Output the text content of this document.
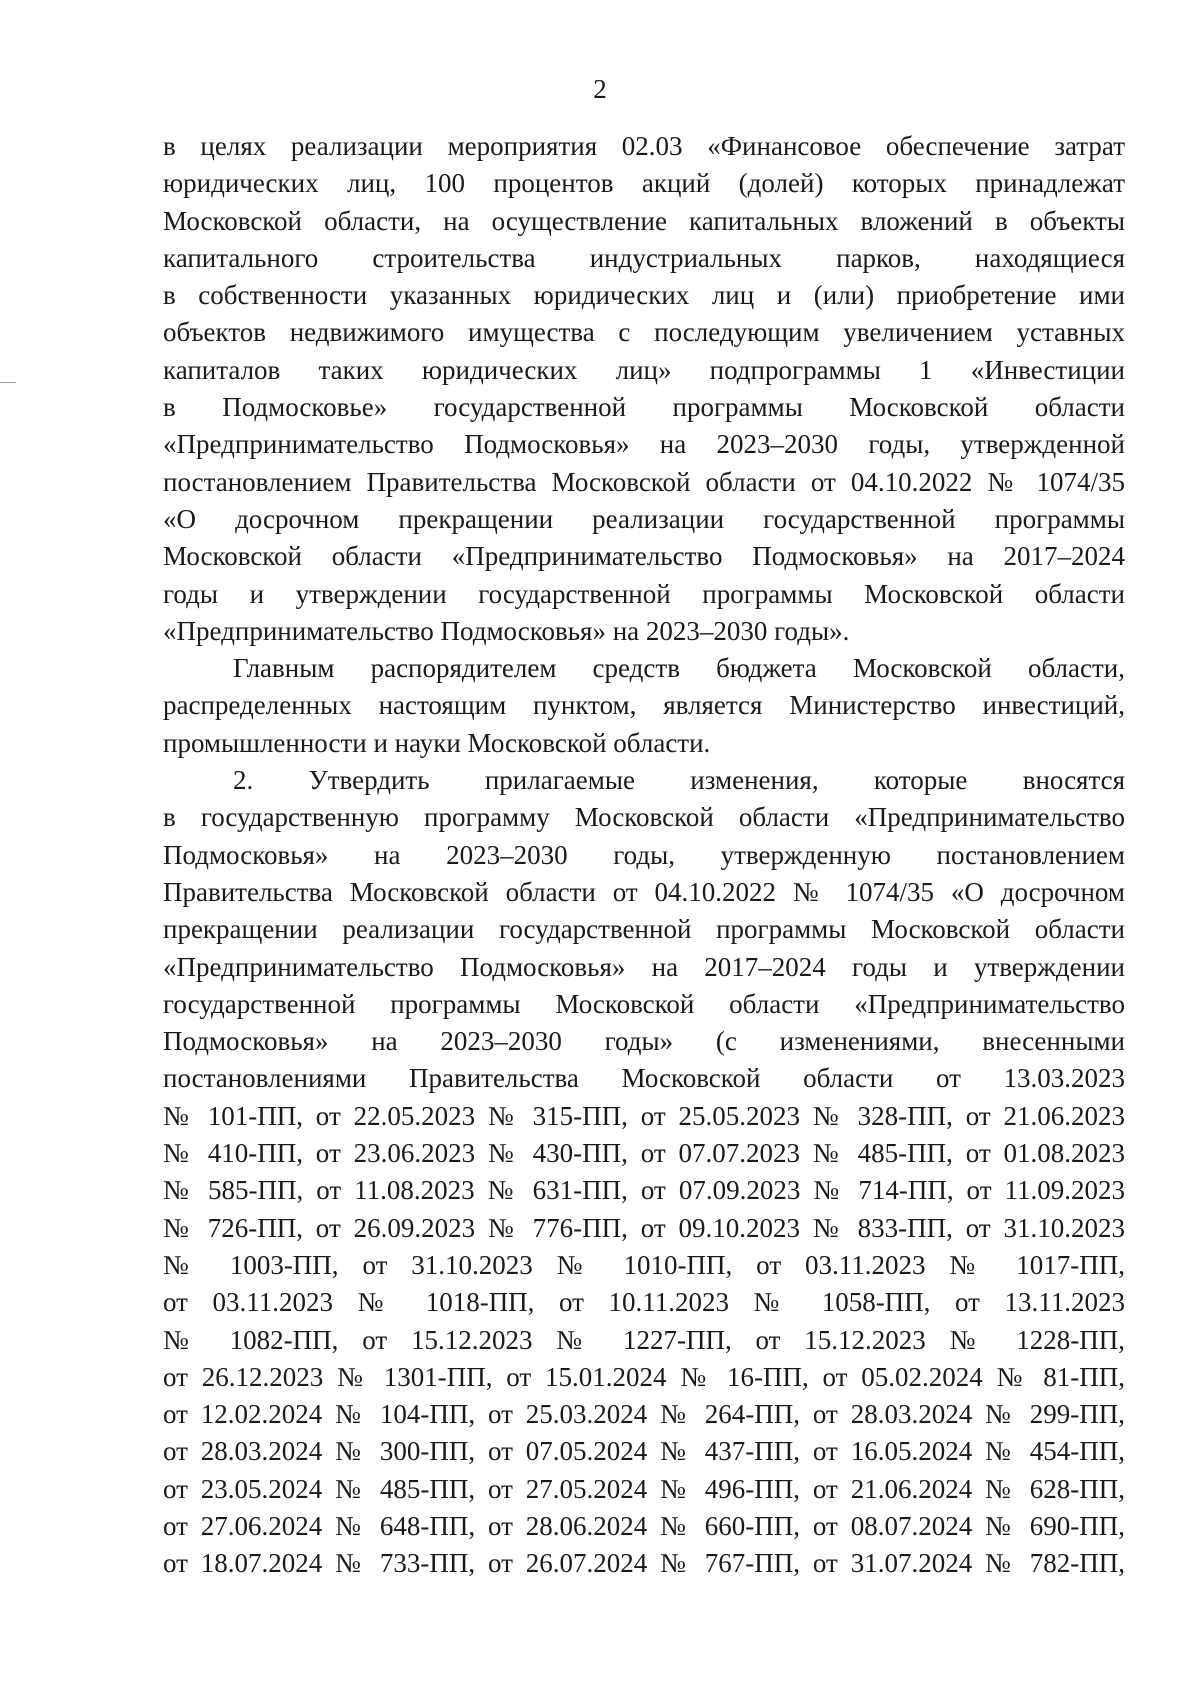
2
в целях реализации мероприятия 02.03 «Финансовое обеспечение затрат
юридических лиц, 100 процентов акций (долей) которых принадлежат
Московской области, на осуществление капитальных вложений в объекты
капитального строительства индустриальных парков, находящиеся
в собственности указанных юридических лиц и (или) приобретение ими
объектов недвижимого имущества с последующим увеличением уставных
капиталов таких юридических лиц» подпрограммы 1 «Инвестиции
в Подмосковье» государственной программы Московской области
«Предпринимательство Подмосковья» на 2023–2030 годы, утвержденной
постановлением Правительства Московской области от 04.10.2022 № 1074/35
«О досрочном прекращении реализации государственной программы
Московской области «Предпринимательство Подмосковья» на 2017–2024
годы и утверждении государственной программы Московской области
«Предпринимательство Подмосковья» на 2023–2030 годы».
Главным распорядителем средств бюджета Московской области,
распределенных настоящим пунктом, является Министерство инвестиций,
промышленности и науки Московской области.
2. Утвердить прилагаемые изменения, которые вносятся
в государственную программу Московской области «Предпринимательство
Подмосковья» на 2023–2030 годы, утвержденную постановлением
Правительства Московской области от 04.10.2022 № 1074/35 «О досрочном
прекращении реализации государственной программы Московской области
«Предпринимательство Подмосковья» на 2017–2024 годы и утверждении
государственной программы Московской области «Предпринимательство
Подмосковья» на 2023–2030 годы» (с изменениями, внесенными
постановлениями Правительства Московской области от 13.03.2023
№ 101-ПП, от 22.05.2023 № 315-ПП, от 25.05.2023 № 328-ПП, от 21.06.2023
№ 410-ПП, от 23.06.2023 № 430-ПП, от 07.07.2023 № 485-ПП, от 01.08.2023
№ 585-ПП, от 11.08.2023 № 631-ПП, от 07.09.2023 № 714-ПП, от 11.09.2023
№ 726-ПП, от 26.09.2023 № 776-ПП, от 09.10.2023 № 833-ПП, от 31.10.2023
№ 1003-ПП, от 31.10.2023 № 1010-ПП, от 03.11.2023 № 1017-ПП,
от 03.11.2023 № 1018-ПП, от 10.11.2023 № 1058-ПП, от 13.11.2023
№ 1082-ПП, от 15.12.2023 № 1227-ПП, от 15.12.2023 № 1228-ПП,
от 26.12.2023 № 1301-ПП, от 15.01.2024 № 16-ПП, от 05.02.2024 № 81-ПП,
от 12.02.2024 № 104-ПП, от 25.03.2024 № 264-ПП, от 28.03.2024 № 299-ПП,
от 28.03.2024 № 300-ПП, от 07.05.2024 № 437-ПП, от 16.05.2024 № 454-ПП,
от 23.05.2024 № 485-ПП, от 27.05.2024 № 496-ПП, от 21.06.2024 № 628-ПП,
от 27.06.2024 № 648-ПП, от 28.06.2024 № 660-ПП, от 08.07.2024 № 690-ПП,
от 18.07.2024 № 733-ПП, от 26.07.2024 № 767-ПП, от 31.07.2024 № 782-ПП,
